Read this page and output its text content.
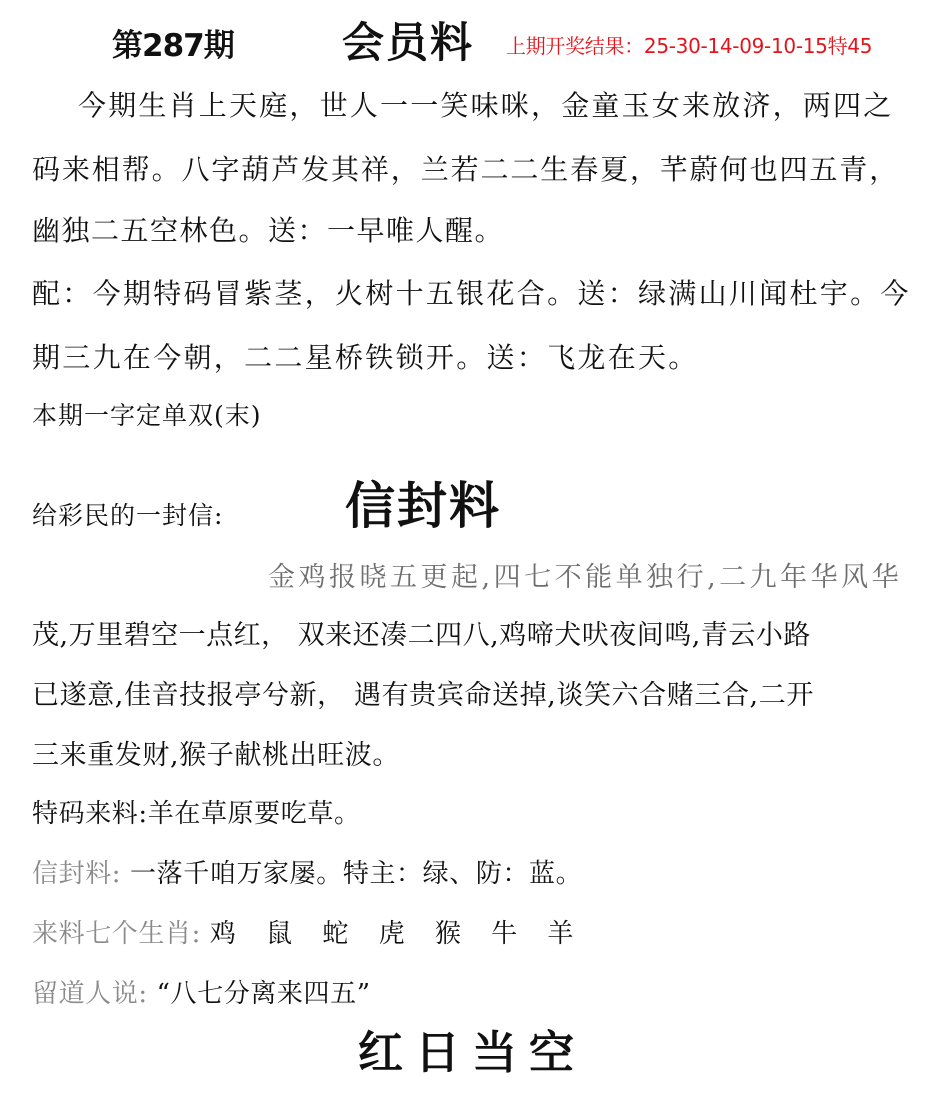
第287期	会员料 上期开奖结果：25-30-14-09-10-15特45
今期生肖上天庭，世人一一笑味咪，金童玉女来放济，两四之
码来相帮。八字葫芦发其祥，兰若二二生春夏，芊蔚何也四五青，
幽独二五空林色。送：一早唯人醒。
配：今期特码冒紫茎，火树十五银花合。送：绿满山川闻杜宇。今
期三九在今朝，二二星桥铁锁开。送：飞龙在天。
本期一字定单双(末)
给彩民的一封信: 信封料
金鸡报晓五更起,四七不能单独行,二九年华风华
茂,万里碧空一点红， 双来还凑二四八,鸡啼犬吠夜间鸣,青云小路
已遂意,佳音技报亭兮新， 遇有贵宾命送掉,谈笑六合赌三合,二开
三来重发财,猴子献桃出旺波。
特码来料:羊在草原要吃草。
信封料: 一落千咱万家屡。特主：绿、防：蓝。
来料七个生肖: 鸡 鼠 蛇 虎 猴 牛 羊
留道人说: “八七分离来四五”
红日当空
